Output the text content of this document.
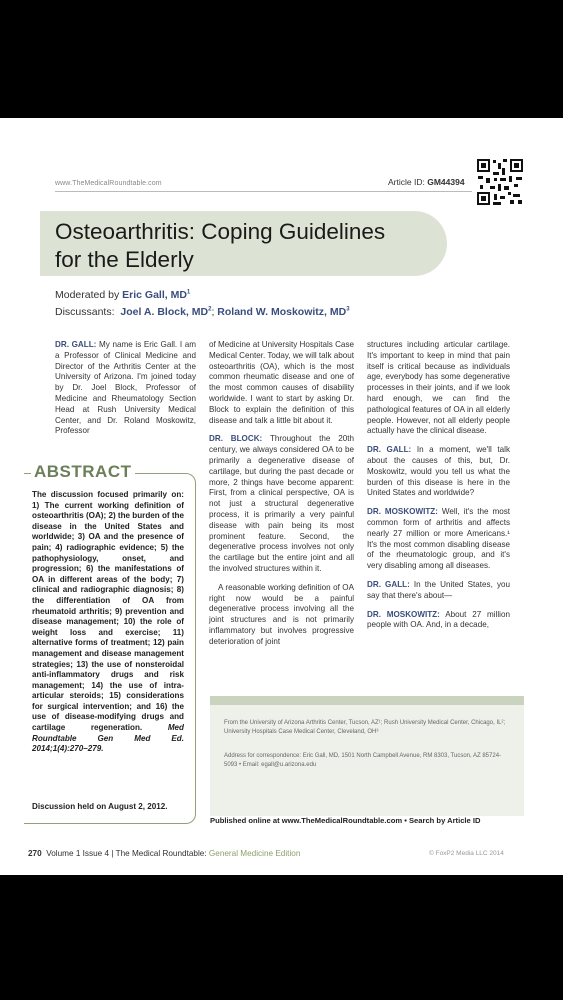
www.TheMedicalRoundtable.com	Article ID: GM44394
Osteoarthritis: Coping Guidelines
for the Elderly
Moderated by Eric Gall, $MD^1$
Discussants: Joel A. Block, $MD^2$; Roland W. Moskowitz, $MD^3$

DR. GALL: My name is Eric Gall. I am a Professor of Clinical Medicine and Director of the Arthritis Center at the University of Arizona. I'm joined today by Dr. Joel Block, Professor of Medicine and Rheumatology Section Head at Rush University Medical Center, and Dr. Roland Moskowitz, Professor

ABSTRACT
The discussion focused primarily on: 1) The current working definition of osteoarthritis (OA); 2) the burden of the disease in the United States and worldwide; 3) OA and the presence of pain; 4) radiographic evidence; 5) the pathophysiology, onset, and progression; 6) the manifestations of OA in different areas of the body; 7) clinical and radiographic diagnosis; 8) the differentiation of OA from rheumatoid arthritis; 9) prevention and disease management; 10) the role of weight loss and exercise; 11) alternative forms of treatment; 12) pain management and disease management strategies; 13) the use of nonsteroidal anti-inflammatory drugs and risk management; 14) the use of intra-articular steroids; 15) considerations for surgical intervention; and 16) the use of disease-modifying drugs and cartilage regeneration.	Med Roundtable Gen Med Ed. 2014;1(4):270–279.
Discussion held on August 2, 2012.

of Medicine at University Hospitals Case Medical Center. Today, we will talk about osteoarthritis (OA), which is the most common rheumatic disease and one of the most common causes of disability worldwide. I want to start by asking Dr. Block to explain the definition of this disease and talk a little bit about it.

DR. BLOCK: Throughout the 20th century, we always considered OA to be primarily a degenerative disease of cartilage, but during the past decade or more, 2 things have become apparent: First, from a clinical perspective, OA is not just a structural degenerative process, it is primarily a very painful disease with pain being its most prominent feature. Second, the degenerative process involves not only the cartilage but the entire joint and all the involved structures within it.

A reasonable working definition of OA right now would be a painful degenerative process involving all the joint structures and is not primarily inflammatory but involves progressive deterioration of joint

structures including articular cartilage. It's important to keep in mind that pain itself is critical because as individuals age, everybody has some degenerative processes in their joints, and if we look hard enough, we can find the pathological features of OA in all elderly people. However, not all elderly people actually have the clinical disease.

DR. GALL: In a moment, we'll talk about the causes of this, but, Dr. Moskowitz, would you tell us what the burden of this disease is here in the United States and worldwide?

DR. MOSKOWITZ: Well, it's the most common form of arthritis and affects nearly 27 million or more Americans.¹ It's the most common disabling disease of the rheumatologic group, and it's very disabling among all diseases.

DR. GALL: In the United States, you say that there's about—

DR. MOSKOWITZ: About 27 million people with OA. And, in a decade,

From the University of Arizona Arthritis Center, Tucson, AZ¹; Rush University Medical Center, Chicago, IL²; University Hospitals Case Medical Center, Cleveland, OH³
Address for correspondence: Eric Gall, MD, 1501 North Campbell Avenue, RM 8303, Tucson, AZ 85724-5093 • Email: egall@u.arizona.edu
Published online at www.TheMedicalRoundtable.com • Search by Article ID
270 Volume 1 Issue 4 | The Medical Roundtable: General Medicine Edition	© FoxP2 Media LLC 2014
